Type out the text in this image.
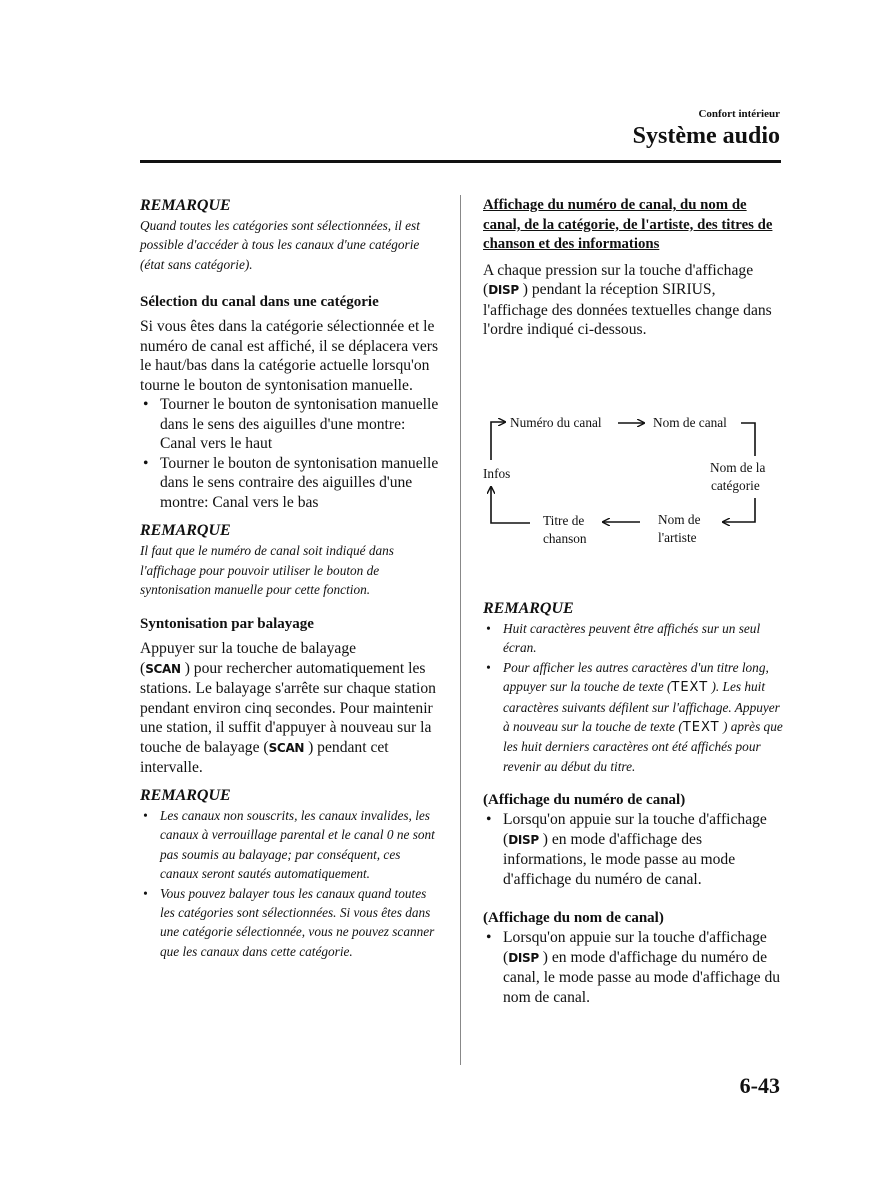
Confort intérieur
Système audio

REMARQUE

Quand toutes les catégories sont sélectionnées, il est possible d'accéder à tous les canaux d'une catégorie (état sans catégorie).

Sélection du canal dans une catégorie

Si vous êtes dans la catégorie sélectionnée et le numéro de canal est affiché, il se déplacera vers le haut/bas dans la catégorie actuelle lorsqu'on tourne le bouton de syntonisation manuelle.

• Tourner le bouton de syntonisation manuelle dans le sens des aiguilles d'une montre: Canal vers le haut
• Tourner le bouton de syntonisation manuelle dans le sens contraire des aiguilles d'une montre: Canal vers le bas

REMARQUE

Il faut que le numéro de canal soit indiqué dans l'affichage pour pouvoir utiliser le bouton de syntonisation manuelle pour cette fonction.

Syntonisation par balayage

Appuyer sur la touche de balayage
(SCAN ) pour rechercher automatiquement les stations. Le balayage s'arrête sur chaque station pendant environ cinq secondes. Pour maintenir une station, il suffit d'appuyer à nouveau sur la touche de balayage (SCAN ) pendant cet intervalle.

REMARQUE

• Les canaux non souscrits, les canaux invalides, les canaux à verrouillage parental et le canal 0 ne sont pas soumis au balayage; par conséquent, ces canaux seront sautés automatiquement.
• Vous pouvez balayer tous les canaux quand toutes les catégories sont sélectionnées. Si vous êtes dans une catégorie sélectionnée, vous ne pouvez scanner que les canaux dans cette catégorie.

Affichage du numéro de canal, du nom de canal, de la catégorie, de l'artiste, des titres de chanson et des informations

A chaque pression sur la touche d'affichage (DISP ) pendant la réception SIRIUS, l'affichage des données textuelles change dans l'ordre indiqué ci-dessous.

Numéro du canal	Nom de canal
Nom de la
catégorie
Infos
Nom de
l'artiste
Titre de
chanson

REMARQUE

• Huit caractères peuvent être affichés sur un seul écran.
• Pour afficher les autres caractères d'un titre long, appuyer sur la touche de texte (TEXT ). Les huit caractères suivants défilent sur l'affichage. Appuyer à nouveau sur la touche de texte (TEXT ) après que les huit derniers caractères ont été affichés pour revenir au début du titre.

(Affichage du numéro de canal)

• Lorsqu'on appuie sur la touche d'affichage (DISP ) en mode d'affichage des informations, le mode passe au mode d'affichage du numéro de canal.

(Affichage du nom de canal)

• Lorsqu'on appuie sur la touche d'affichage (DISP ) en mode d'affichage du numéro de canal, le mode passe au mode d'affichage du nom de canal.
6-43
